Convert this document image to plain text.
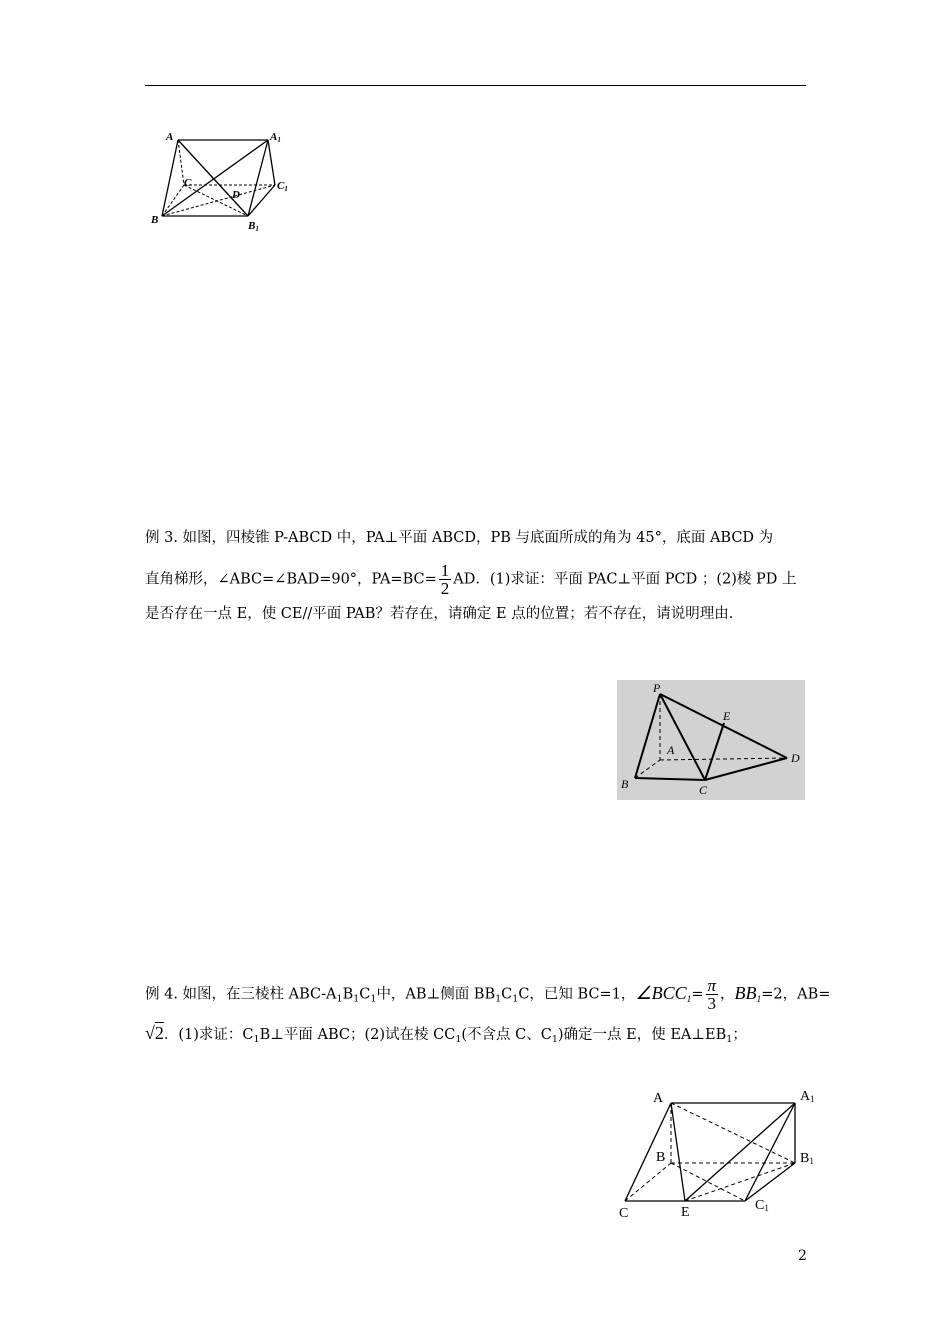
A	A1
C
D
C1
B	B1
例 3. 如图，四棱锥 P-ABCD 中，PA⊥平面 ABCD，PB 与底面所成的角为 45°，底面 ABCD 为
直角梯形，∠ABC=∠BAD=90°，$PA=BC= \frac{1}{2}$ AD．(1)求证：平面 PAC⊥平面 PCD ；(2)棱 PD 上
是否存在一点 E，使 CE//平面 PAB？若存在，请确定 E 点的位置；若不存在，请说明理由.
P
E
A
D
B	C
例 4. 如图，在三棱柱 ABC-$A_1B_1C_1$中，AB⊥侧面 $BB_1C_1C$，已知 BC=1，$\angle BCC_1= \frac{\pi}{3}$ ，$BB_1=2$，AB=
√2．(1)求证：$C_1B\perp$平面 ABC；(2)试在棱 $CC_1$(不含点 C、$C_1$)确定一点 E，使 $EA\perp EB_1$；
A	A1
B	B1
C	E	C1
2
